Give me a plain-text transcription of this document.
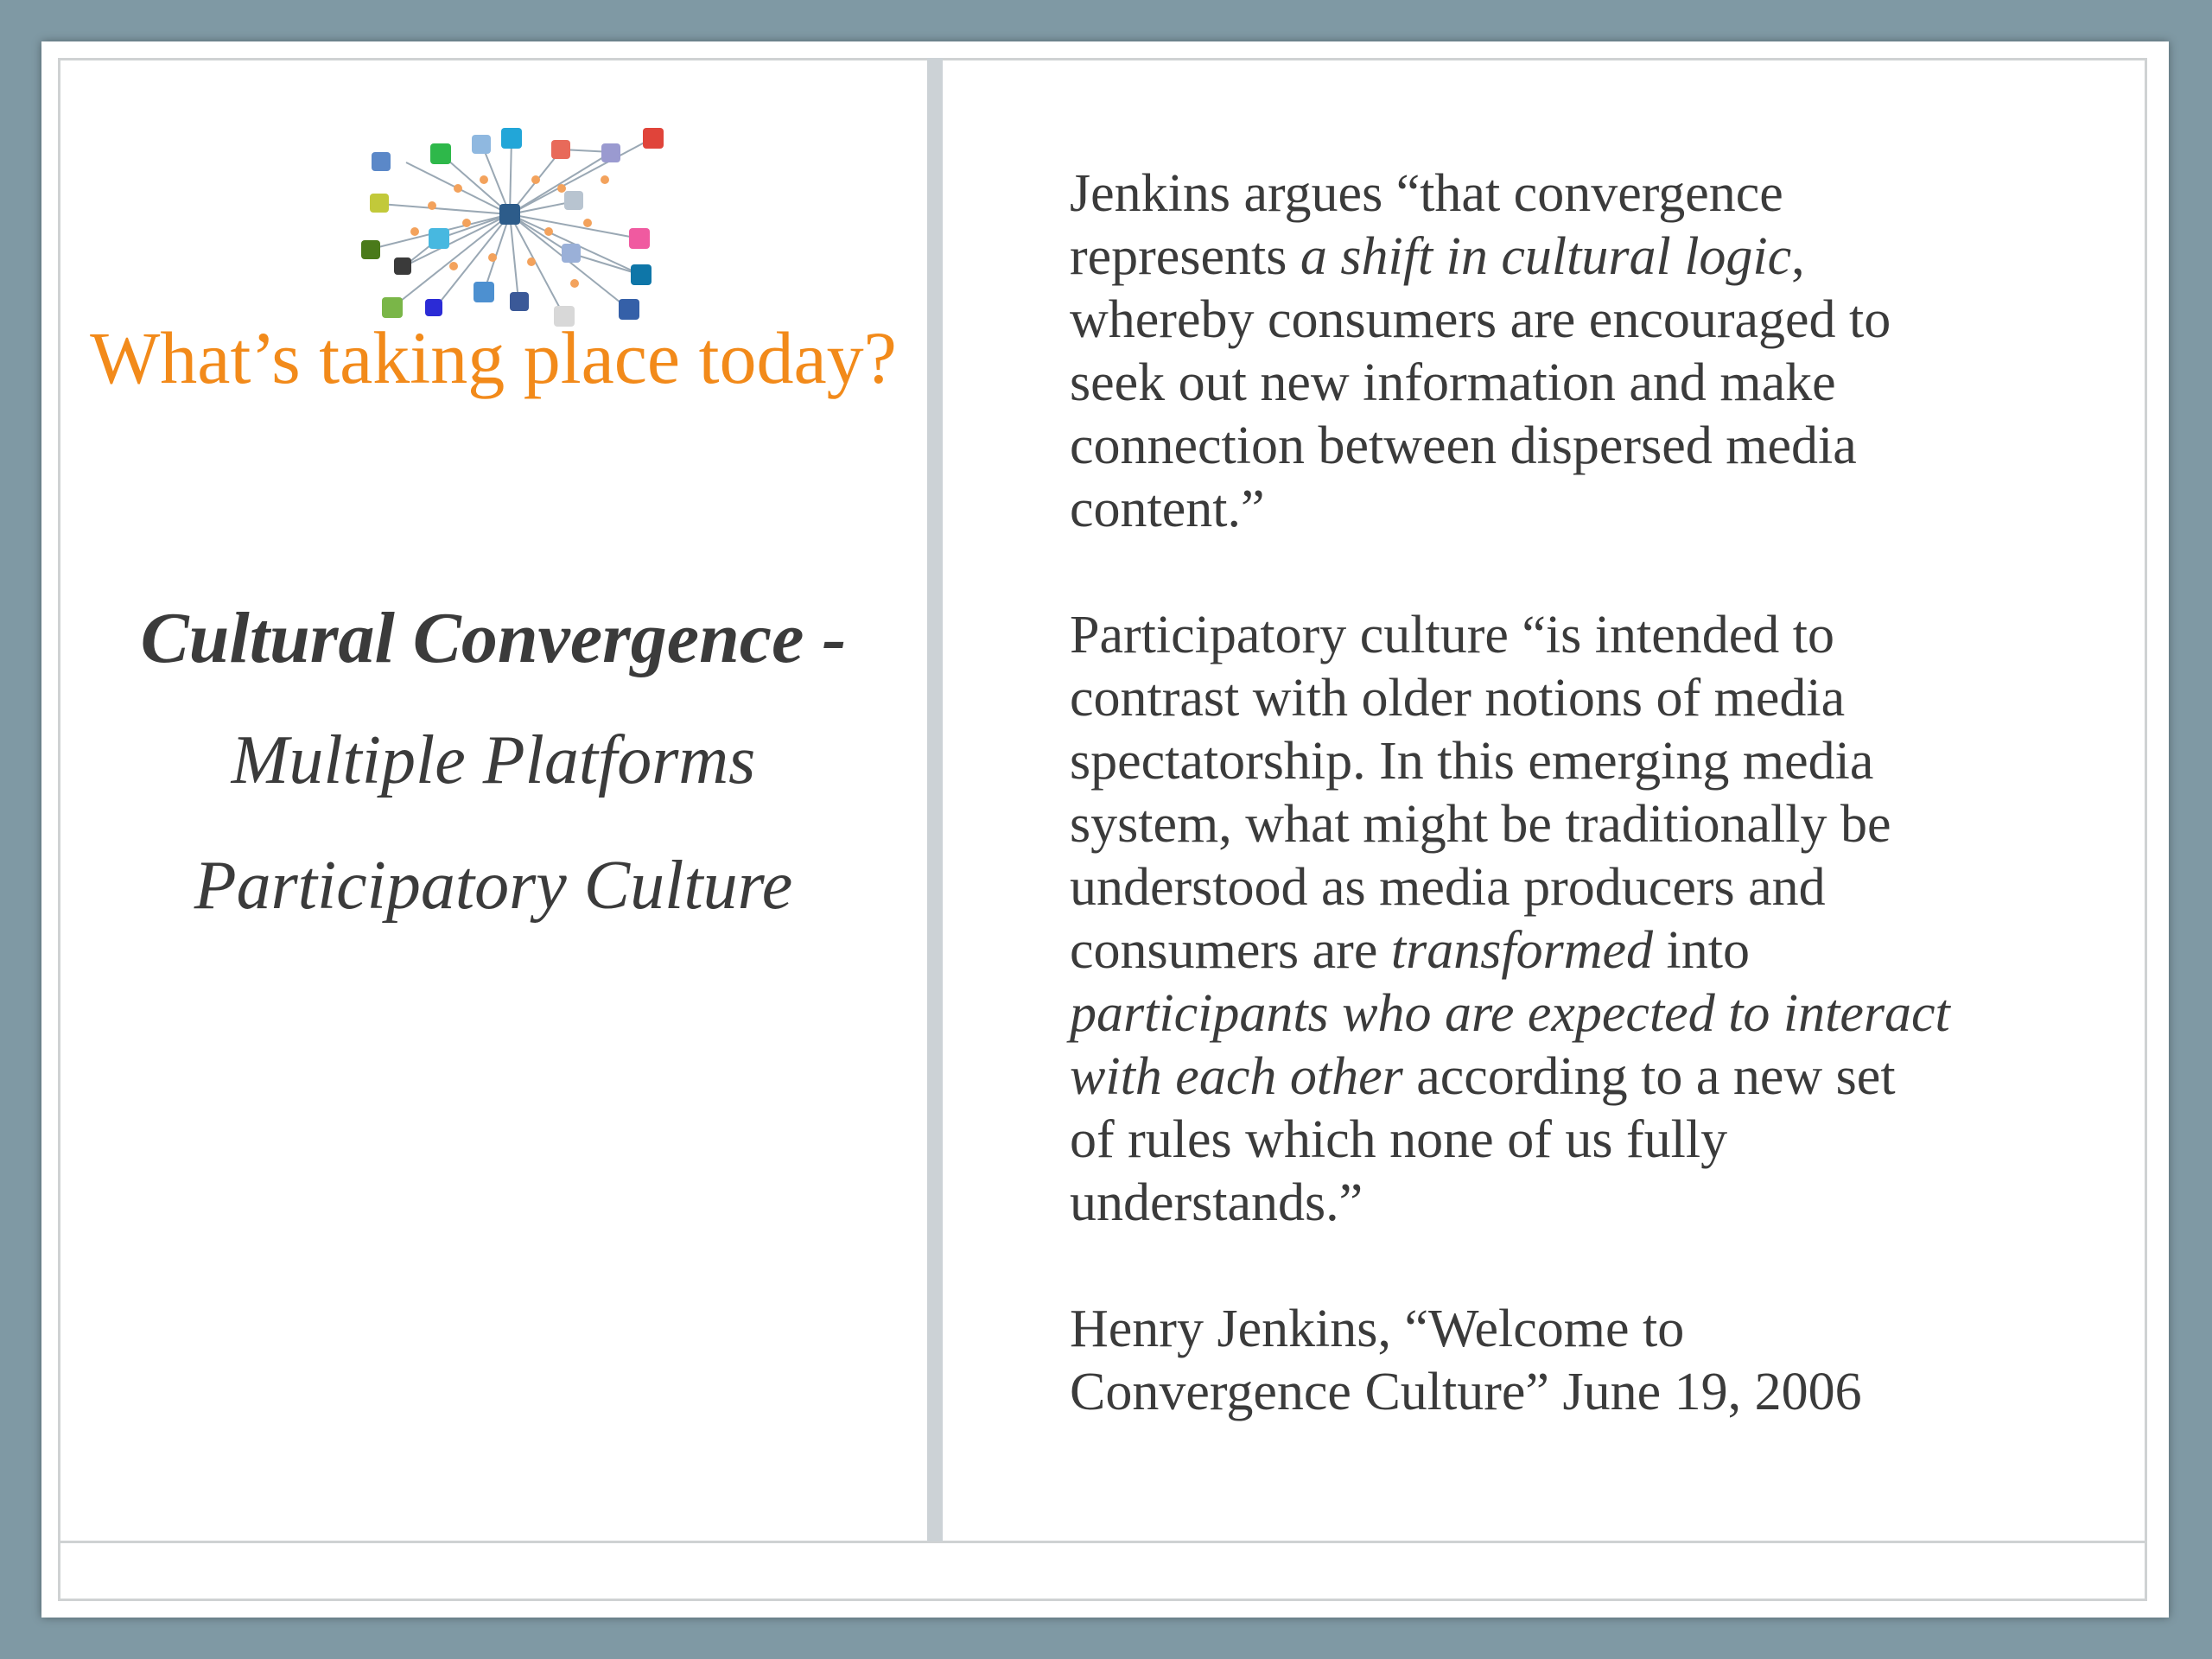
What’s taking place today?
Cultural Convergence -
Multiple Platforms
Participatory Culture

Jenkins argues “that convergence
represents a shift in cultural logic,
whereby consumers are encouraged to
seek out new information and make
connection between dispersed media
content.”

Participatory culture “is intended to
contrast with older notions of media
spectatorship. In this emerging media
system, what might be traditionally be
understood as media producers and
consumers are transformed into
participants who are expected to interact
with each other according to a new set
of rules which none of us fully
understands.”

Henry Jenkins, “Welcome to
Convergence Culture” June 19, 2006
